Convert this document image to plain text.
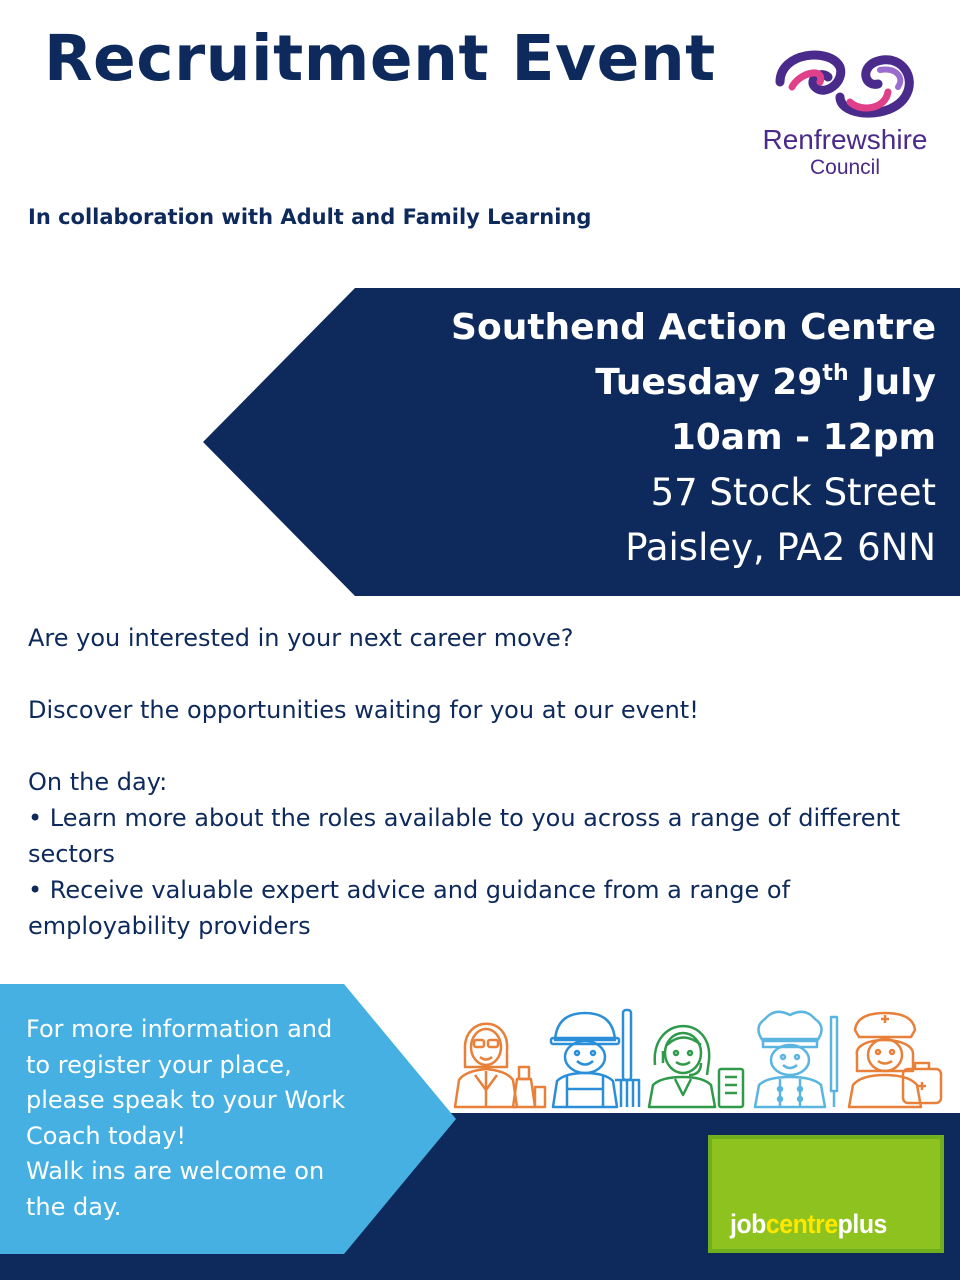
Recruitment Event
Renfrewshire
Council
In collaboration with Adult and Family Learning
Southend Action Centre
Tuesday 29th July
10am - 12pm
57 Stock Street
Paisley, PA2 6NN

Are you interested in your next career move?

Discover the opportunities waiting for you at our event!

On the day:

• Learn more about the roles available to you across a range of different

sectors

• Receive valuable expert advice and guidance from a range of

employability providers

For more information and

to register your place,

please speak to your Work

Coach today!

Walk ins are welcome on

the day.

jobcentreplus
